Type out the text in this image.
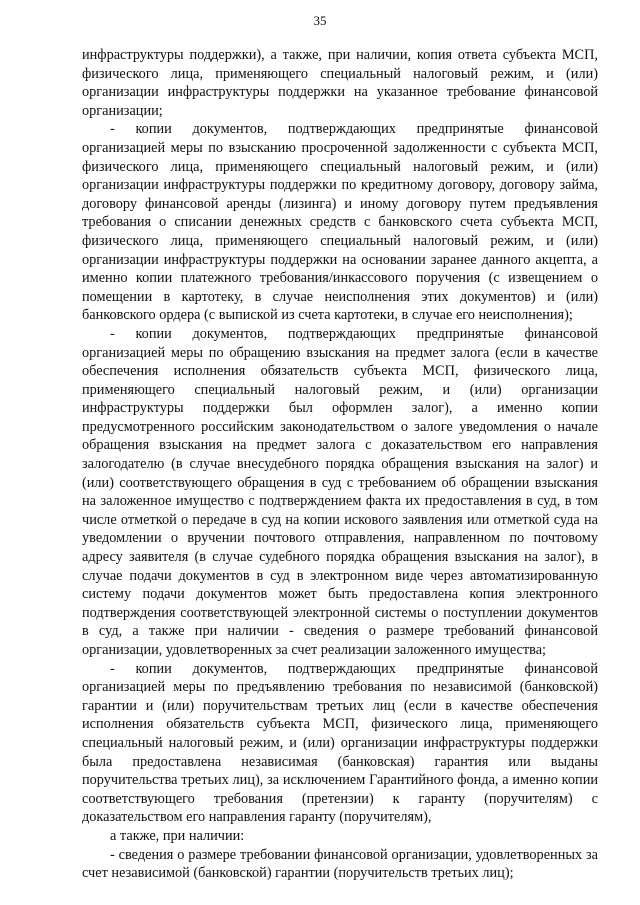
35

инфраструктуры поддержки), а также, при наличии, копия ответа субъекта МСП, физического лица, применяющего специальный налоговый режим, и (или) организации инфраструктуры поддержки на указанное требование финансовой организации;

- копии документов, подтверждающих предпринятые финансовой организацией меры по взысканию просроченной задолженности с субъекта МСП, физического лица, применяющего специальный налоговый режим, и (или) организации инфраструктуры поддержки по кредитному договору, договору займа, договору финансовой аренды (лизинга) и иному договору путем предъявления требования о списании денежных средств с банковского счета субъекта МСП, физического лица, применяющего специальный налоговый режим, и (или) организации инфраструктуры поддержки на основании заранее данного акцепта, а именно копии платежного требования/инкассового поручения (с извещением о помещении в картотеку, в случае неисполнения этих документов) и (или) банковского ордера (с выпиской из счета картотеки, в случае его неисполнения);

- копии документов, подтверждающих предпринятые финансовой организацией меры по обращению взыскания на предмет залога (если в качестве обеспечения исполнения обязательств субъекта МСП, физического лица, применяющего специальный налоговый режим, и (или) организации инфраструктуры поддержки был оформлен залог), а именно копии предусмотренного российским законодательством о залоге уведомления о начале обращения взыскания на предмет залога с доказательством его направления залогодателю (в случае внесудебного порядка обращения взыскания на залог) и (или) соответствующего обращения в суд с требованием об обращении взыскания на заложенное имущество с подтверждением факта их предоставления в суд, в том числе отметкой о передаче в суд на копии искового заявления или отметкой суда на уведомлении о вручении почтового отправления, направленном по почтовому адресу заявителя (в случае судебного порядка обращения взыскания на залог), в случае подачи документов в суд в электронном виде через автоматизированную систему подачи документов может быть предоставлена копия электронного подтверждения соответствующей электронной системы о поступлении документов в суд, а также при наличии - сведения о размере требований финансовой организации, удовлетворенных за счет реализации заложенного имущества;

- копии документов, подтверждающих предпринятые финансовой организацией меры по предъявлению требования по независимой (банковской) гарантии и (или) поручительствам третьих лиц (если в качестве обеспечения исполнения обязательств субъекта МСП, физического лица, применяющего специальный налоговый режим, и (или) организации инфраструктуры поддержки была предоставлена независимая (банковская) гарантия или выданы поручительства третьих лиц), за исключением Гарантийного фонда, а именно копии соответствующего требования (претензии) к гаранту (поручителям) с доказательством его направления гаранту (поручителям),

а также, при наличии:

- сведения о размере требовании финансовой организации, удовлетворенных за счет независимой (банковской) гарантии (поручительств третьих лиц);
